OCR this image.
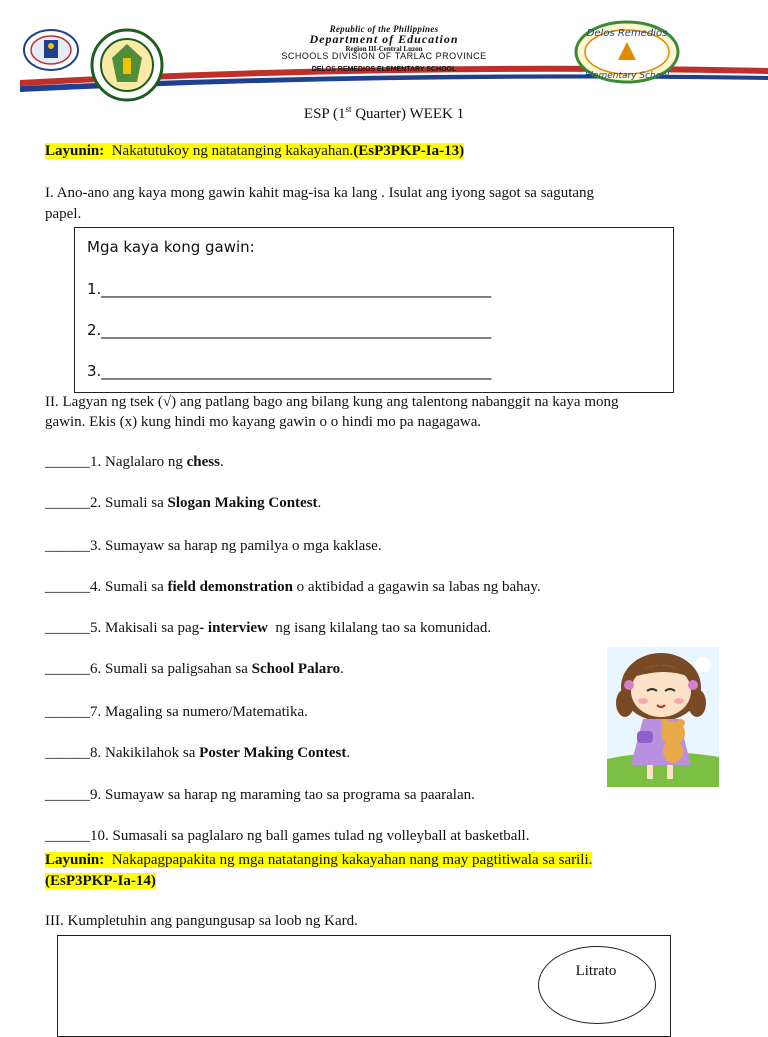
Republic of the Philippines
Department of Education
Region III-Central Luzon
SCHOOLS DIVISION OF TARLAC PROVINCE
DELOS REMEDIOS ELEMENTARY SCHOOL
Delos Remedios
Elementary School
ESP (1st Quarter) WEEK 1
Layunin:  Nakatutukoy ng natatanging kakayahan.(EsP3PKP-Ia-13)
I. Ano-ano ang kaya mong gawin kahit mag-isa ka lang . Isulat ang iyong sagot sa sagutang
papel.
Mga kaya kong gawin:
1.____________________________________________________
2.____________________________________________________
3.____________________________________________________
II. Lagyan ng tsek (√) ang patlang bago ang bilang kung ang talentong nabanggit na kaya mong
gawin. Ekis (x) kung hindi mo kayang gawin o o hindi mo pa nagagawa.
______1. Naglalaro ng chess.
______2. Sumali sa Slogan Making Contest.
______3. Sumayaw sa harap ng pamilya o mga kaklase.
______4. Sumali sa field demonstration o aktibidad a gagawin sa labas ng bahay.
______5. Makisali sa pag- interview  ng isang kilalang tao sa komunidad.
______6. Sumali sa paligsahan sa School Palaro.
______7. Magaling sa numero/Matematika.
______8. Nakikilahok sa Poster Making Contest.
______9. Sumayaw sa harap ng maraming tao sa programa sa paaralan.
______10. Sumasali sa paglalaro ng ball games tulad ng volleyball at basketball.
Layunin:  Nakapagpapakita ng mga natatanging kakayahan nang may pagtitiwala sa sarili.
(EsP3PKP-Ia-14)
III. Kumpletuhin ang pangungusap sa loob ng Kard.
Litrato
